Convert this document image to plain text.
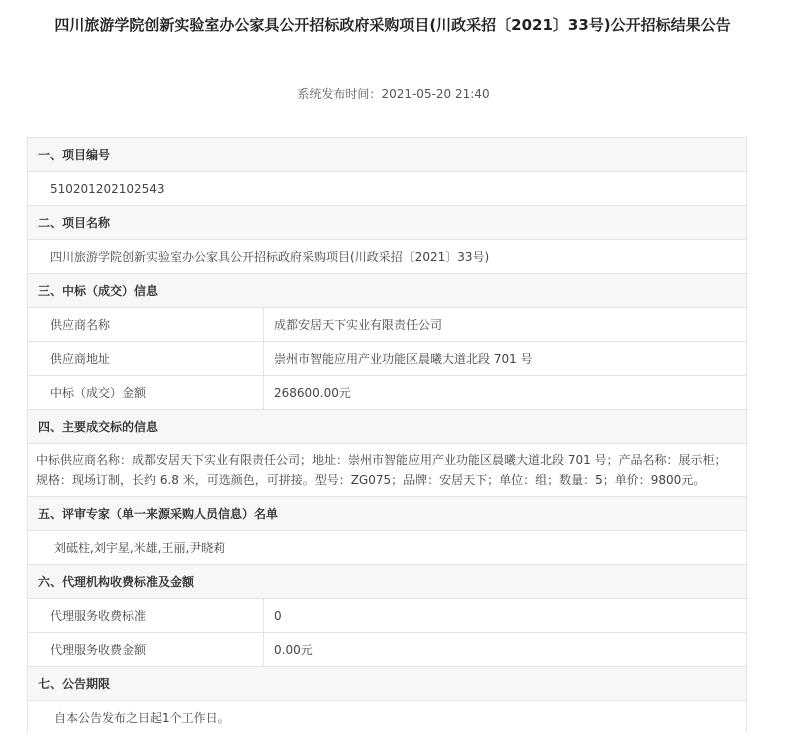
四川旅游学院创新实验室办公家具公开招标政府采购项目(川政采招〔2021〕33号)公开招标结果公告
系统发布时间：2021-05-20 21:40
一、项目编号	
510201202102543	
二、项目名称	
四川旅游学院创新实验室办公家具公开招标政府采购项目(川政采招〔2021〕33号)	
三、中标（成交）信息	
供应商名称	成都安居天下实业有限责任公司
供应商地址	崇州市智能应用产业功能区晨曦大道北段 701 号
中标（成交）金额	268600.00元
四、主要成交标的信息	
中标供应商名称：成都安居天下实业有限责任公司；地址：崇州市智能应用产业功能区晨曦大道北段 701 号；产品名称：展示柜；规格：现场订制，长约 6.8 米，可选颜色，可拼接。型号：ZG075；品牌：安居天下；单位：组；数量：5；单价：9800元。	
五、评审专家（单一来源采购人员信息）名单	
刘砥柱,刘宇星,米雄,王丽,尹晓莉	
六、代理机构收费标准及金额	
代理服务收费标准	0
代理服务收费金额	0.00元
七、公告期限	
自本公告发布之日起1个工作日。	
